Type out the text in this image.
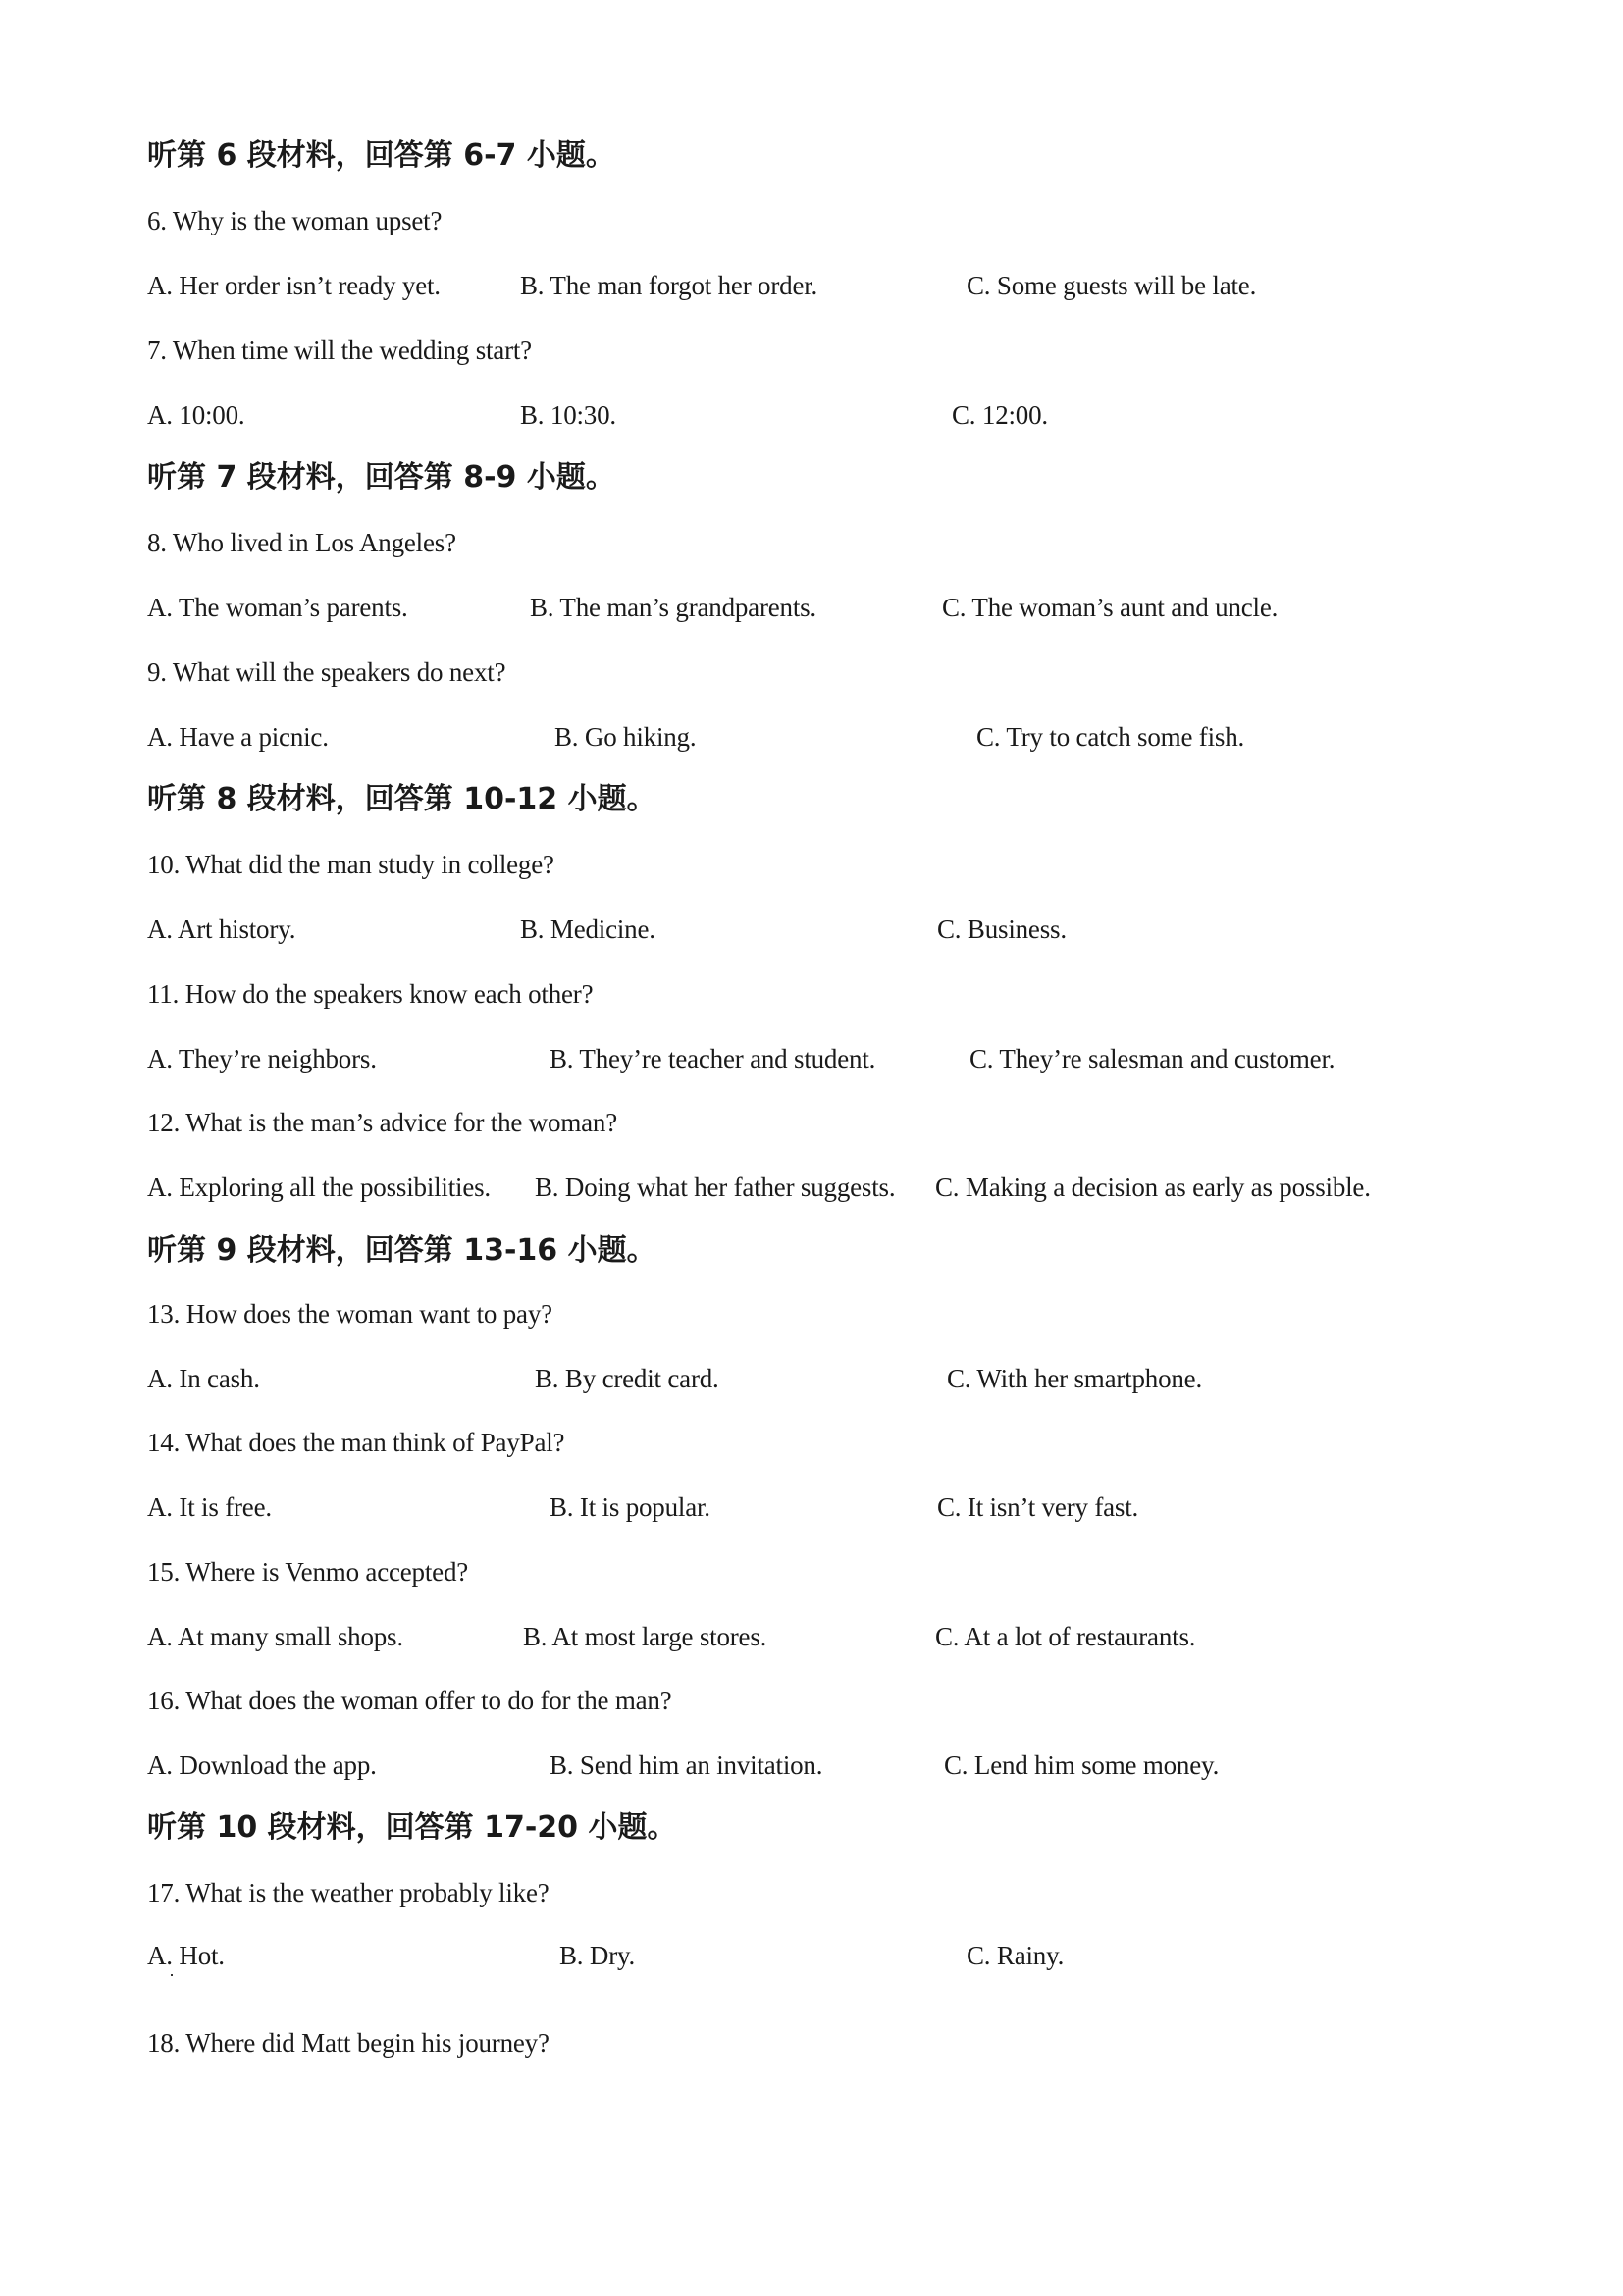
听第 6 段材料，回答第 6-7 小题。
6. Why is the woman upset?
A. Her order isn’t ready yet.	B. The man forgot her order.	C. Some guests will be late.
7. When time will the wedding start?
A. 10:00.	B. 10:30.	C. 12:00.
听第 7 段材料，回答第 8-9 小题。
8. Who lived in Los Angeles?
A. The woman’s parents.	B. The man’s grandparents.	C. The woman’s aunt and uncle.
9. What will the speakers do next?
A. Have a picnic.	B. Go hiking.	C. Try to catch some fish.
听第 8 段材料，回答第 10-12 小题。
10. What did the man study in college?
A. Art history.	B. Medicine.	C. Business.
11. How do the speakers know each other?
A. They’re neighbors.	B. They’re teacher and student.	C. They’re salesman and customer.
12. What is the man’s advice for the woman?
A. Exploring all the possibilities. B. Doing what her father suggests. C. Making a decision as early as possible.
听第 9 段材料，回答第 13-16 小题。
13. How does the woman want to pay?
A. In cash.	B. By credit card.	C. With her smartphone.
14. What does the man think of PayPal?
A. It is free.	B. It is popular.	C. It isn’t very fast.
15. Where is Venmo accepted?
A. At many small shops.	B. At most large stores.	C. At a lot of restaurants.
16. What does the woman offer to do for the man?
A. Download the app.	B. Send him an invitation.	C. Lend him some money.
听第 10 段材料，回答第 17-20 小题。
17. What is the weather probably like?
A. Hot.	B. Dry.	C. Rainy.
18. Where did Matt begin his journey?
